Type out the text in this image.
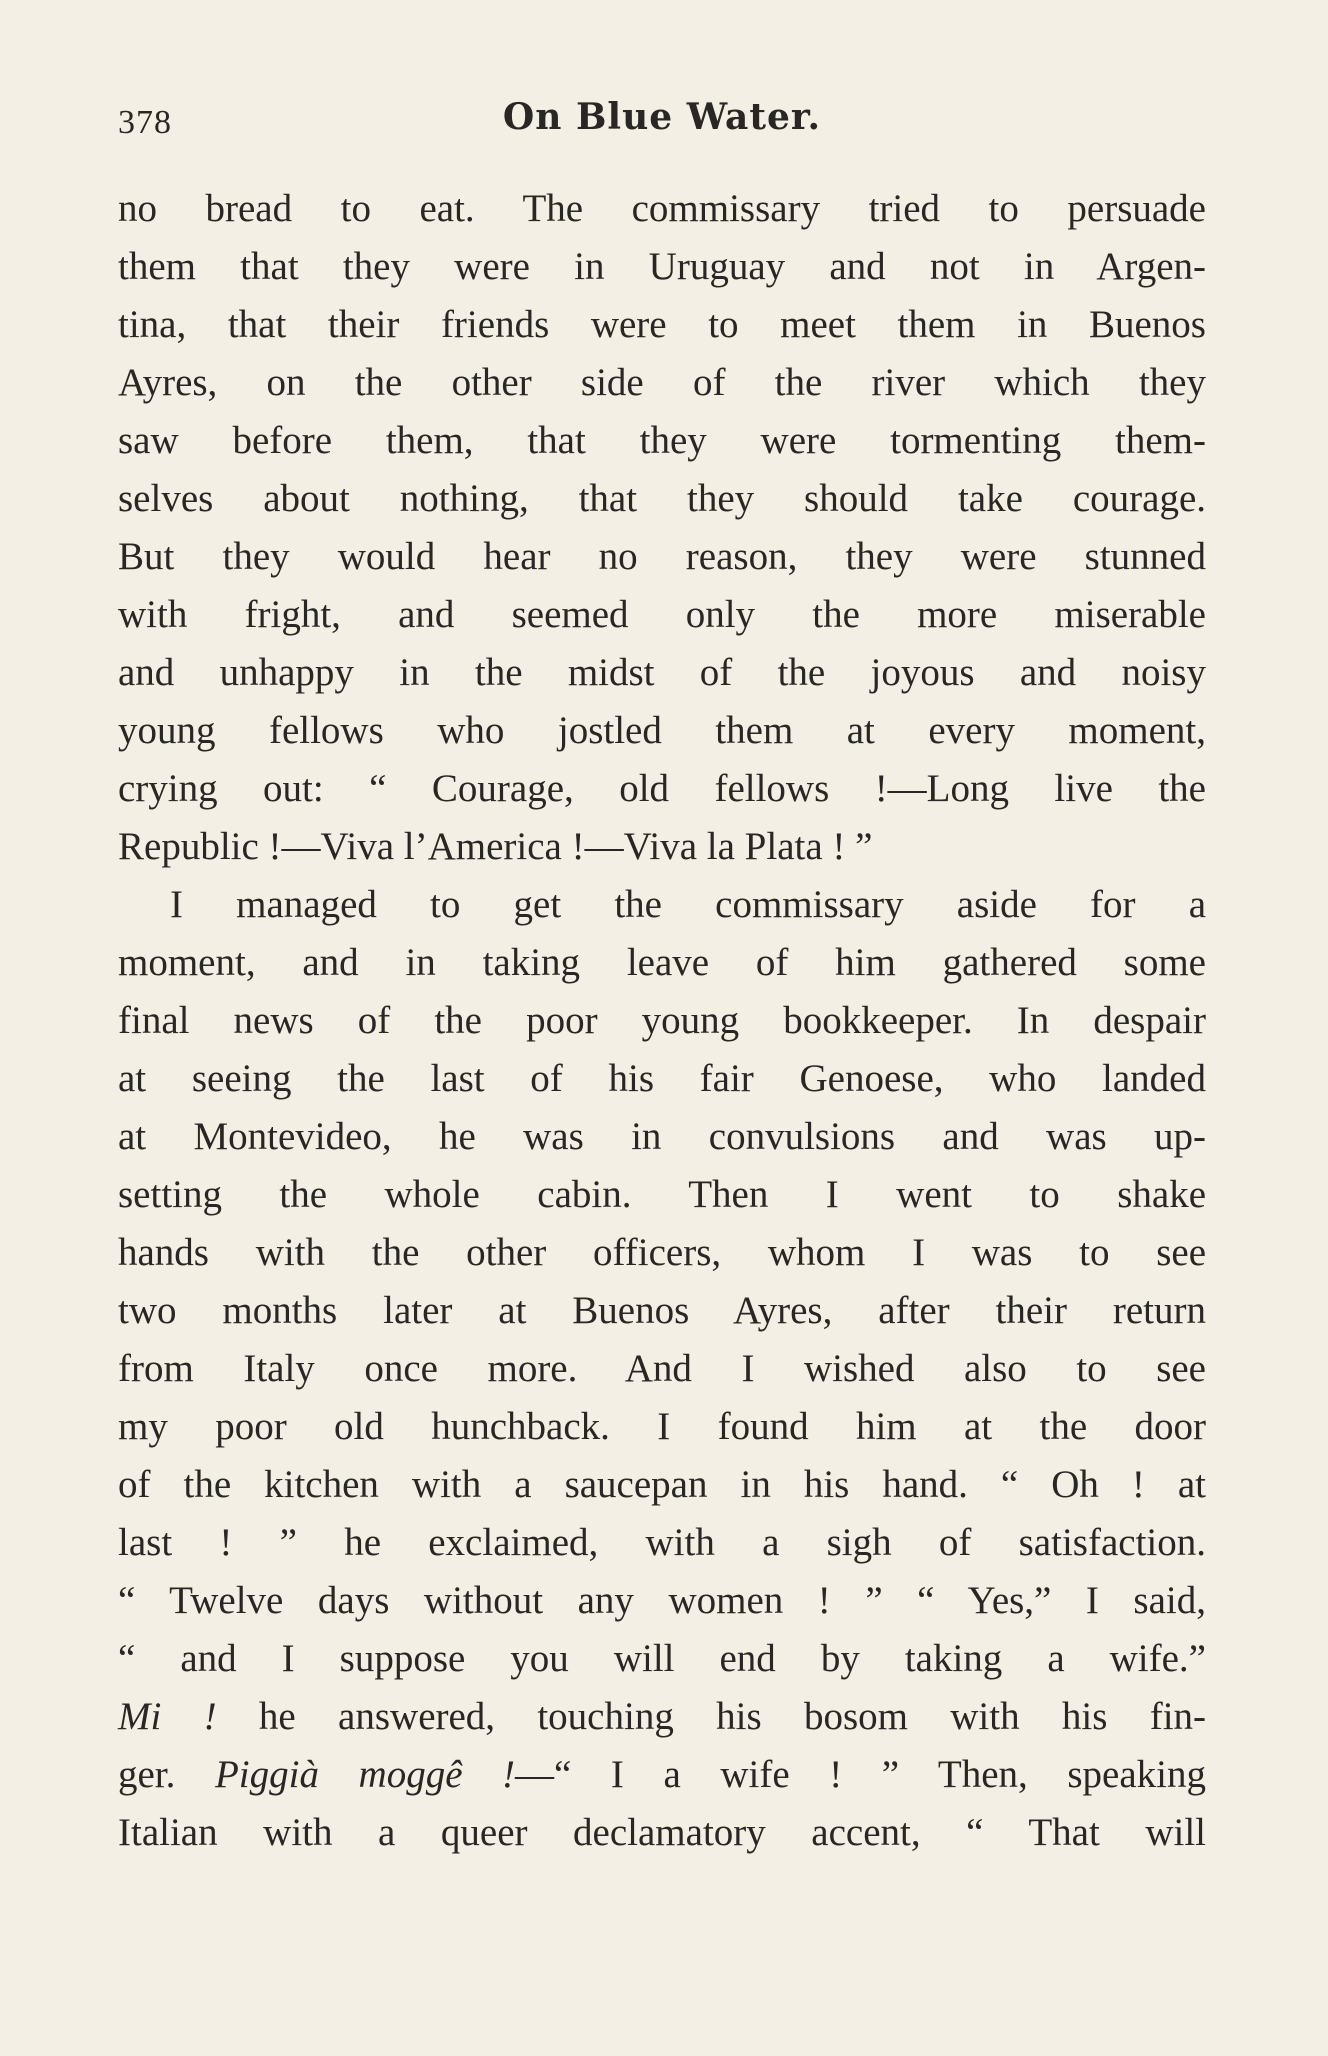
378	On Blue Water.
no bread to eat. The commissary tried to persuade
them that they were in Uruguay and not in Argen-
tina, that their friends were to meet them in Buenos
Ayres, on the other side of the river which they
saw before them, that they were tormenting them-
selves about nothing, that they should take courage.
But they would hear no reason, they were stunned
with fright, and seemed only the more miserable
and unhappy in the midst of the joyous and noisy
young fellows who jostled them at every moment,
crying out: “ Courage, old fellows !—Long live the
Republic !—Viva l’America !—Viva la Plata ! ”
I managed to get the commissary aside for a
moment, and in taking leave of him gathered some
final news of the poor young bookkeeper. In despair
at seeing the last of his fair Genoese, who landed
at Montevideo, he was in convulsions and was up-
setting the whole cabin. Then I went to shake
hands with the other officers, whom I was to see
two months later at Buenos Ayres, after their return
from Italy once more. And I wished also to see
my poor old hunchback. I found him at the door
of the kitchen with a saucepan in his hand. “ Oh ! at
last ! ” he exclaimed, with a sigh of satisfaction.
“ Twelve days without any women ! ” “ Yes,” I said,
“ and I suppose you will end by taking a wife.”
Mi ! he answered, touching his bosom with his fin-
ger. Piggià moggê !—“ I a wife ! ” Then, speaking
Italian with a queer declamatory accent, “ That will
